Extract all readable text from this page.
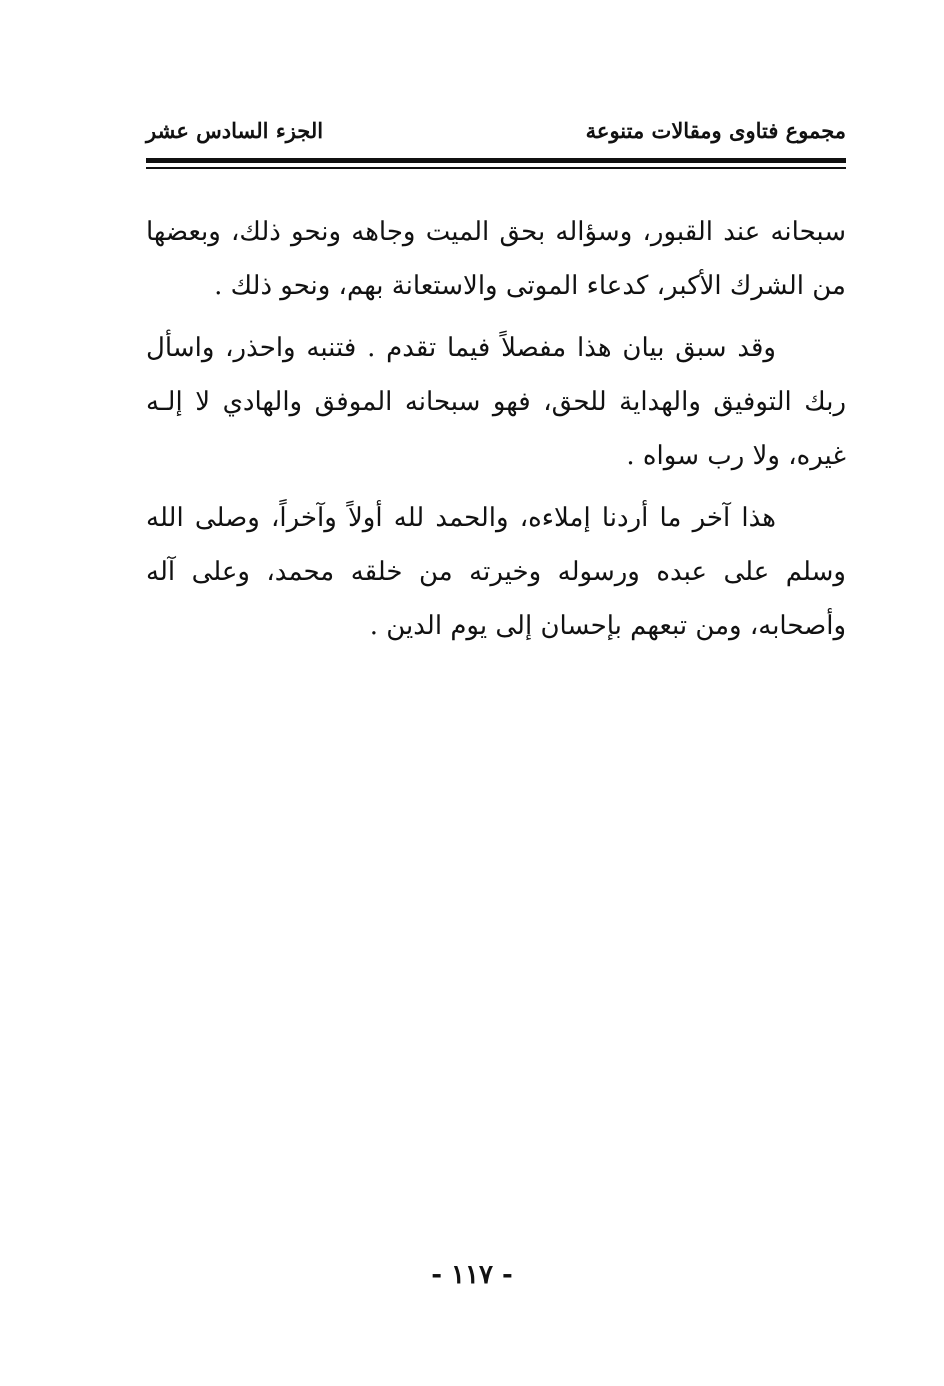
مجموع فتاوى ومقالات متنوعة
الجزء السادس عشر

سبحانه عند القبور، وسؤاله بحق الميت وجاهه ونحو ذلك، وبعضها من الشرك الأكبر، كدعاء الموتى والاستعانة بهم، ونحو ذلك .

وقد سبق بيان هذا مفصلاً فيما تقدم . فتنبه واحذر، واسأل ربك التوفيق والهداية للحق، فهو سبحانه الموفق والهادي لا إلـه غيره، ولا رب سواه .

هذا آخر ما أردنا إملاءه، والحمد لله أولاً وآخراً، وصلى الله وسلم على عبده ورسوله وخيرته من خلقه محمد، وعلى آله وأصحابه، ومن تبعهم بإحسان إلى يوم الدين .

- ١١٧ -
